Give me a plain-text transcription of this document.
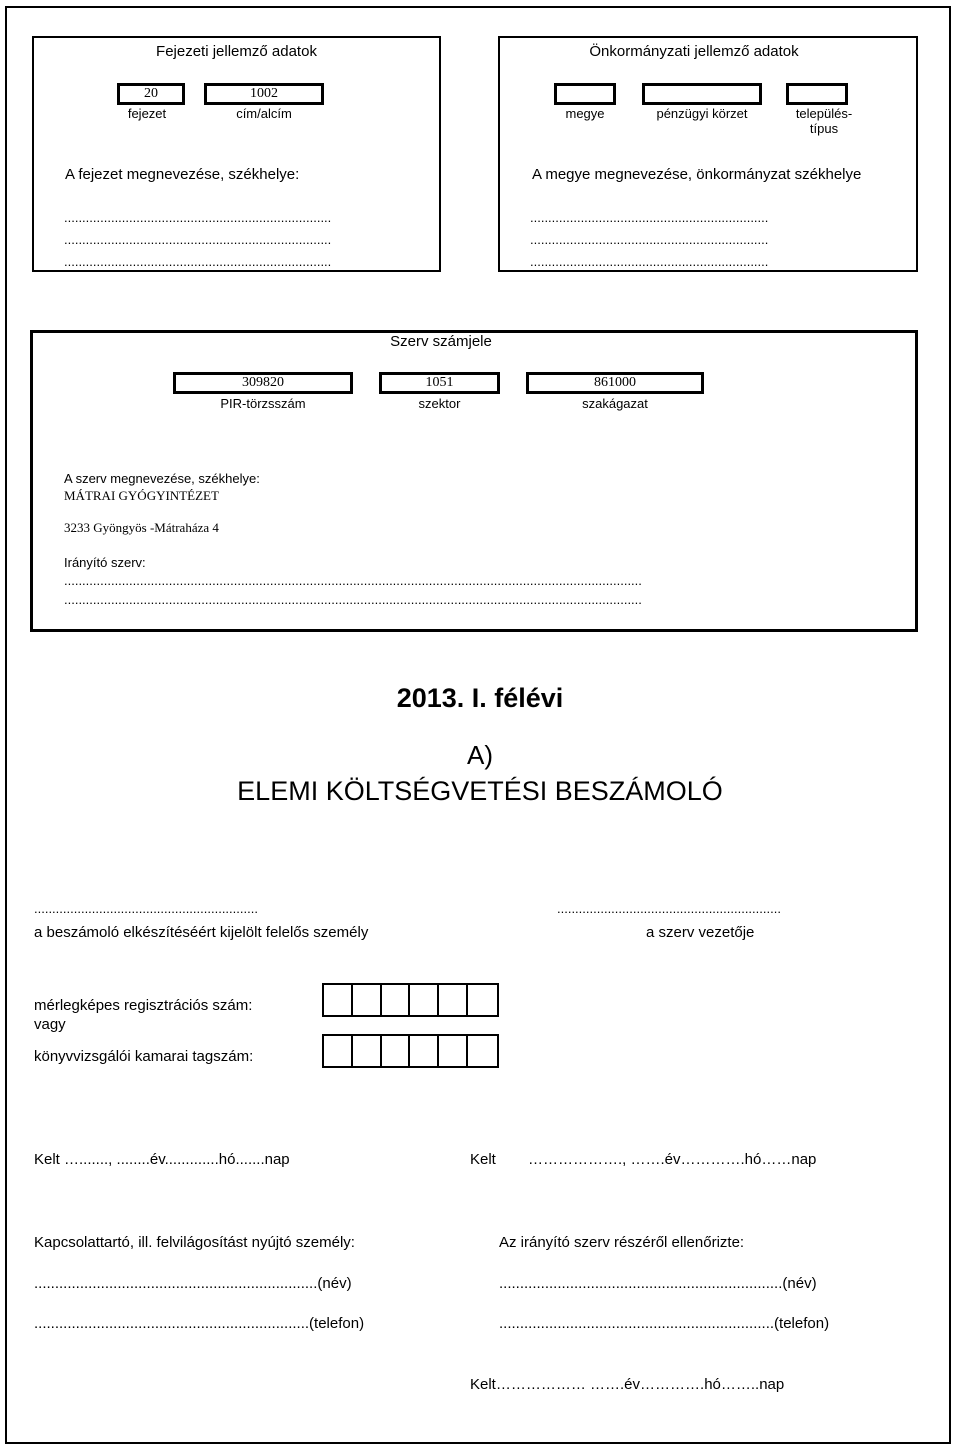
Fejezeti jellemző adatok
20
fejezet
1002
cím/alcím
A fejezet megnevezése, székhelye:
..........................................................................
..........................................................................
..........................................................................
Önkormányzati jellemző adatok
megye	pénzügyi körzet	település-
típus
A megye megnevezése, önkormányzat székhelye
..................................................................
..................................................................
..................................................................
Szerv számjele
309820
PIR-törzsszám
1051
szektor
861000
szakágazat
A szerv megnevezése, székhelye:
MÁTRAI GYÓGYINTÉZET
3233 Gyöngyös -Mátraháza 4
Irányító szerv:
................................................................................................................................................................
................................................................................................................................................................
2013. I. félévi
A)
ELEMI KÖLTSÉGVETÉSI BESZÁMOLÓ
..............................................................
a beszámoló elkészítéséért kijelölt felelős személy
..............................................................
a szerv vezetője
mérlegképes regisztrációs szám:
vagy
könyvvizsgálói kamarai tagszám:
Kelt …......., ........év.............hó.......nap	Kelt ………………., …….év………….hó……nap
Kapcsolattartó, ill. felvilágosítást nyújtó személy:
....................................................................(név)
..................................................................(telefon)
Az irányító szerv részéről ellenőrizte:
....................................................................(név)
..................................................................(telefon)
Kelt……………… …….év………….hó……..nap
